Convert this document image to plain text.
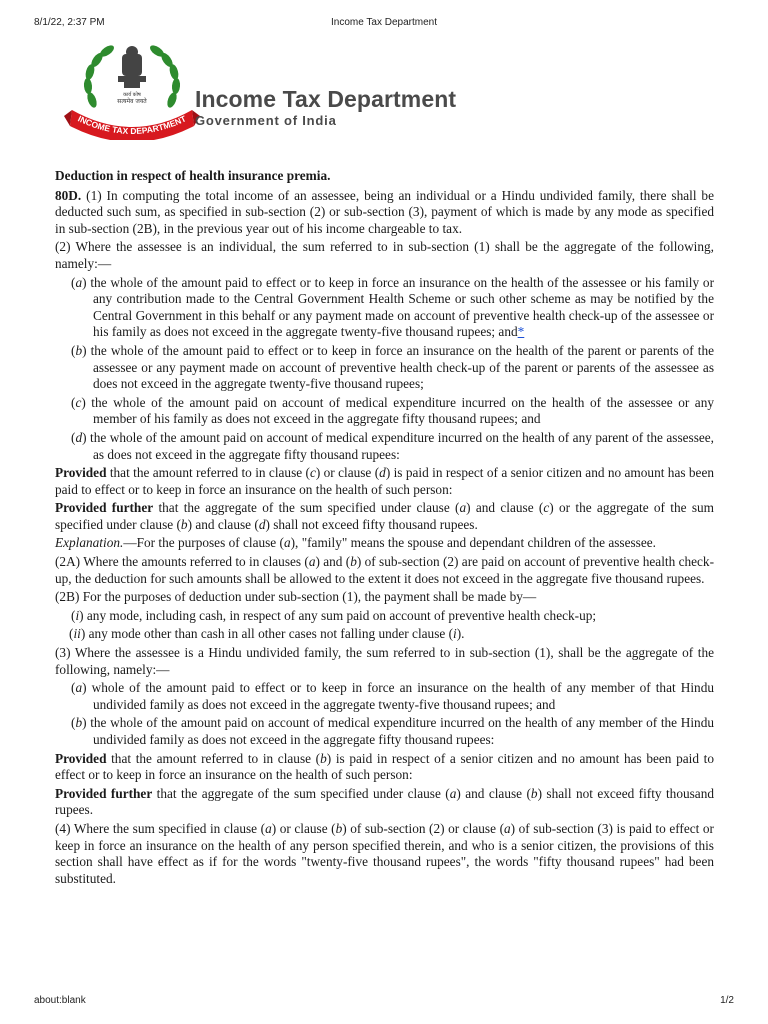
8/1/22, 2:37 PM	Income Tax Department
कार्य कोष
सत्यमेव जयते
INCOME TAX DEPARTMENT
Income Tax Department
Government of India

Deduction in respect of health insurance premia.

80D. (1) In computing the total income of an assessee, being an individual or a Hindu undivided family, there shall be deducted such sum, as specified in sub-section (2) or sub-section (3), payment of which is made by any mode as specified in sub-section (2B), in the previous year out of his income chargeable to tax.

(2) Where the assessee is an individual, the sum referred to in sub-section (1) shall be the aggregate of the following, namely:—

(a) the whole of the amount paid to effect or to keep in force an insurance on the health of the assessee or his family or any contribution made to the Central Government Health Scheme or such other scheme as may be notified by the Central Government in this behalf or any payment made on account of preventive health check-up of the assessee or his family as does not exceed in the aggregate twenty-five thousand rupees; and*

(b) the whole of the amount paid to effect or to keep in force an insurance on the health of the parent or parents of the assessee or any payment made on account of preventive health check-up of the parent or parents of the assessee as does not exceed in the aggregate twenty-five thousand rupees;

(c) the whole of the amount paid on account of medical expenditure incurred on the health of the assessee or any member of his family as does not exceed in the aggregate fifty thousand rupees; and

(d) the whole of the amount paid on account of medical expenditure incurred on the health of any parent of the assessee, as does not exceed in the aggregate fifty thousand rupees:

Provided that the amount referred to in clause (c) or clause (d) is paid in respect of a senior citizen and no amount has been paid to effect or to keep in force an insurance on the health of such person:

Provided further that the aggregate of the sum specified under clause (a) and clause (c) or the aggregate of the sum specified under clause (b) and clause (d) shall not exceed fifty thousand rupees.

Explanation.—For the purposes of clause (a), "family" means the spouse and dependant children of the assessee.

(2A) Where the amounts referred to in clauses (a) and (b) of sub-section (2) are paid on account of preventive health check-up, the deduction for such amounts shall be allowed to the extent it does not exceed in the aggregate five thousand rupees.

(2B) For the purposes of deduction under sub-section (1), the payment shall be made by—

(i) any mode, including cash, in respect of any sum paid on account of preventive health check-up;

(ii) any mode other than cash in all other cases not falling under clause (i).

(3) Where the assessee is a Hindu undivided family, the sum referred to in sub-section (1), shall be the aggregate of the following, namely:—

(a) whole of the amount paid to effect or to keep in force an insurance on the health of any member of that Hindu undivided family as does not exceed in the aggregate twenty-five thousand rupees; and

(b) the whole of the amount paid on account of medical expenditure incurred on the health of any member of the Hindu undivided family as does not exceed in the aggregate fifty thousand rupees:

Provided that the amount referred to in clause (b) is paid in respect of a senior citizen and no amount has been paid to effect or to keep in force an insurance on the health of such person:

Provided further that the aggregate of the sum specified under clause (a) and clause (b) shall not exceed fifty thousand rupees.

(4) Where the sum specified in clause (a) or clause (b) of sub-section (2) or clause (a) of sub-section (3) is paid to effect or keep in force an insurance on the health of any person specified therein, and who is a senior citizen, the provisions of this section shall have effect as if for the words "twenty-five thousand rupees", the words "fifty thousand rupees" had been substituted.

about:blank	1/2
